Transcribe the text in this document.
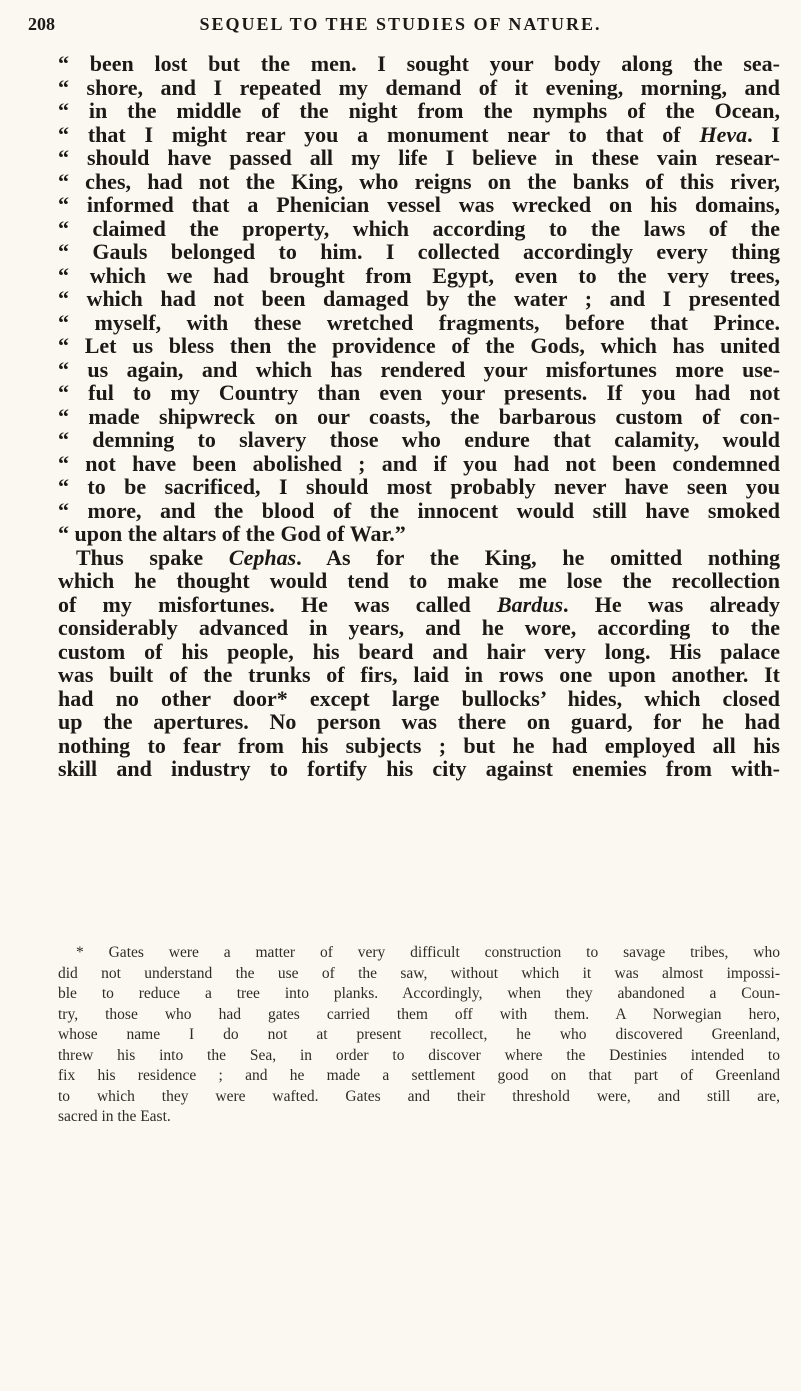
208	SEQUEL TO THE STUDIES OF NATURE.
“ been lost but the men. I sought your body along the sea-
“ shore, and I repeated my demand of it evening, morning, and
“ in the middle of the night from the nymphs of the Ocean,
“ that I might rear you a monument near to that of Heva. I
“ should have passed all my life I believe in these vain resear-
“ ches, had not the King, who reigns on the banks of this river,
“ informed that a Phenician vessel was wrecked on his domains,
“ claimed the property, which according to the laws of the
“ Gauls belonged to him. I collected accordingly every thing
“ which we had brought from Egypt, even to the very trees,
“ which had not been damaged by the water ; and I presented
“ myself, with these wretched fragments, before that Prince.
“ Let us bless then the providence of the Gods, which has united
“ us again, and which has rendered your misfortunes more use-
“ ful to my Country than even your presents. If you had not
“ made shipwreck on our coasts, the barbarous custom of con-
“ demning to slavery those who endure that calamity, would
“ not have been abolished ; and if you had not been condemned
“ to be sacrificed, I should most probably never have seen you
“ more, and the blood of the innocent would still have smoked
“ upon the altars of the God of War.”
Thus spake Cephas. As for the King, he omitted nothing
which he thought would tend to make me lose the recollection
of my misfortunes. He was called Bardus. He was already
considerably advanced in years, and he wore, according to the
custom of his people, his beard and hair very long. His palace
was built of the trunks of firs, laid in rows one upon another. It
had no other door* except large bullocks’ hides, which closed
up the apertures. No person was there on guard, for he had
nothing to fear from his subjects ; but he had employed all his
skill and industry to fortify his city against enemies from with-
* Gates were a matter of very difficult construction to savage tribes, who
did not understand the use of the saw, without which it was almost impossi-
ble to reduce a tree into planks. Accordingly, when they abandoned a Coun-
try, those who had gates carried them off with them. A Norwegian hero,
whose name I do not at present recollect, he who discovered Greenland,
threw his into the Sea, in order to discover where the Destinies intended to
fix his residence ; and he made a settlement good on that part of Greenland
to which they were wafted. Gates and their threshold were, and still are,
sacred in the East.
